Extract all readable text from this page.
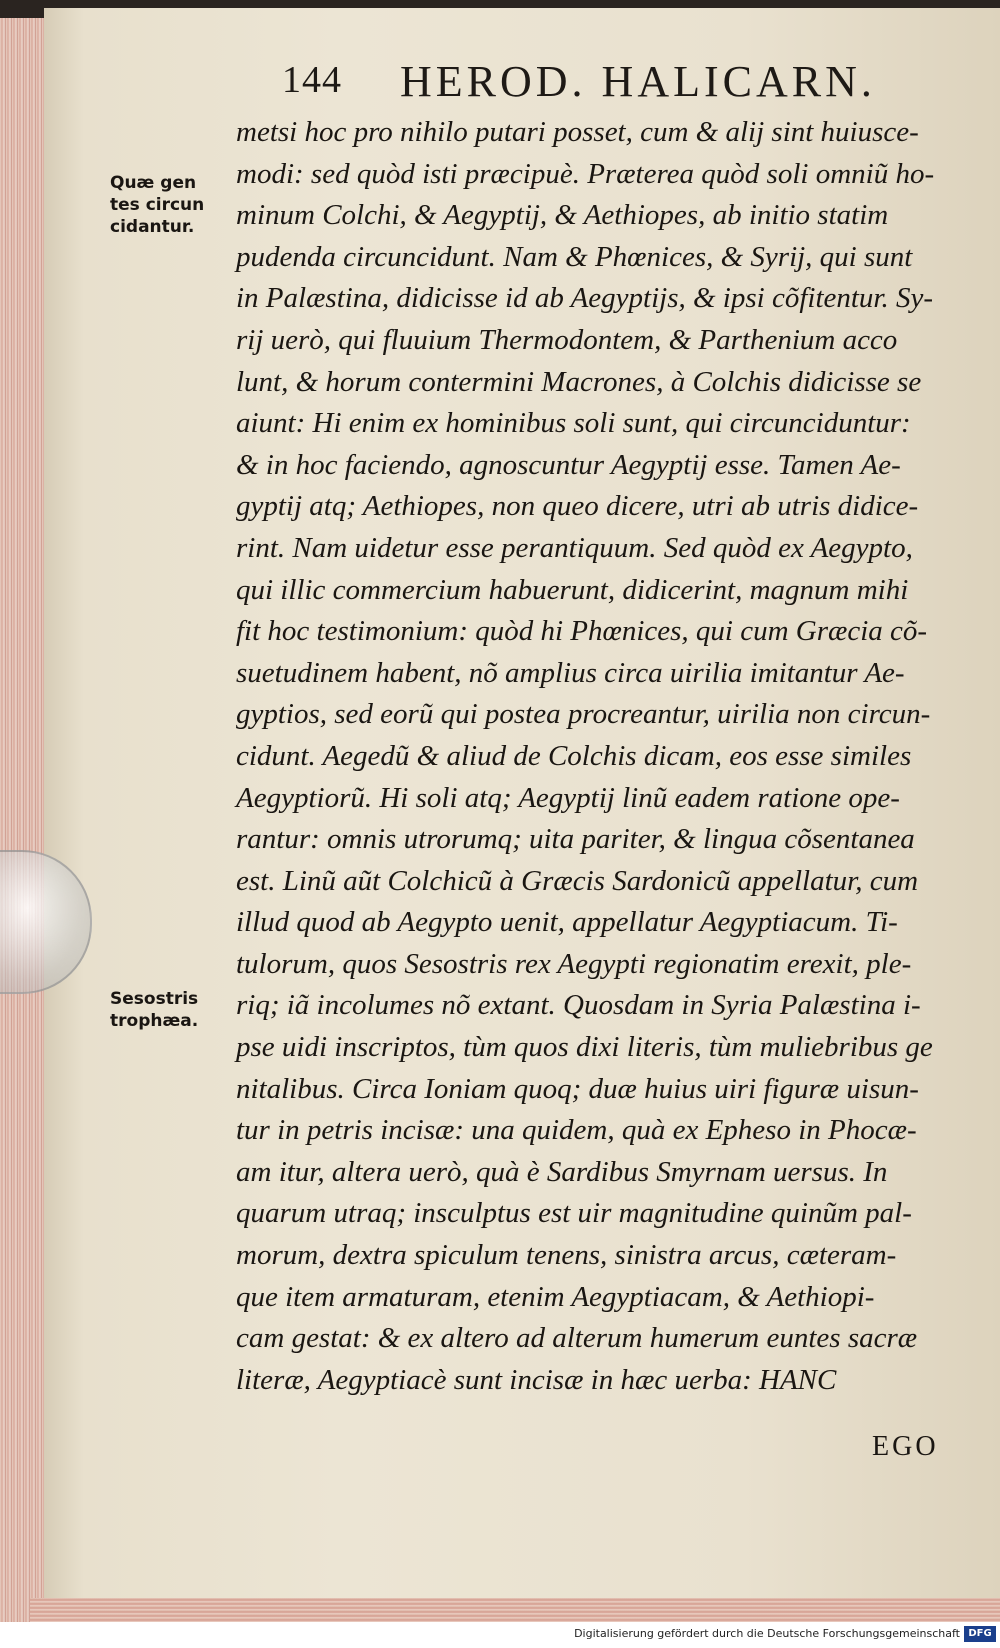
144 HEROD. HALICARN.
Quæ gen
tes circun
cidantur.
Sesostris
trophæa.
metsi hoc pro nihilo putari posset, cum & alij sint huiusce-
modi: sed quòd isti præcipuè. Præterea quòd soli omniũ ho-
minum Colchi, & Aegyptij, & Aethiopes, ab initio statim
pudenda circuncidunt. Nam & Phœnices, & Syrij, qui sunt
in Palæstina, didicisse id ab Aegyptijs, & ipsi cõfitentur. Sy-
rij uerò, qui fluuium Thermodontem, & Parthenium acco
lunt, & horum contermini Macrones, à Colchis didicisse se
aiunt: Hi enim ex hominibus soli sunt, qui circunciduntur:
& in hoc faciendo, agnoscuntur Aegyptij esse. Tamen Ae-
gyptij atq; Aethiopes, non queo dicere, utri ab utris didice-
rint. Nam uidetur esse perantiquum. Sed quòd ex Aegypto,
qui illic commercium habuerunt, didicerint, magnum mihi
fit hoc testimonium: quòd hi Phœnices, qui cum Græcia cõ-
suetudinem habent, nõ amplius circa uirilia imitantur Ae-
gyptios, sed eorũ qui postea procreantur, uirilia non circun-
cidunt. Aegedũ & aliud de Colchis dicam, eos esse similes
Aegyptiorũ. Hi soli atq; Aegyptij linũ eadem ratione ope-
rantur: omnis utrorumq; uita pariter, & lingua cõsentanea
est. Linũ aũt Colchicũ à Græcis Sardonicũ appellatur, cum
illud quod ab Aegypto uenit, appellatur Aegyptiacum. Ti-
tulorum, quos Sesostris rex Aegypti regionatim erexit, ple-
riq; iã incolumes nõ extant. Quosdam in Syria Palæstina i-
pse uidi inscriptos, tùm quos dixi literis, tùm muliebribus ge
nitalibus. Circa Ioniam quoq; duæ huius uiri figuræ uisun-
tur in petris incisæ: una quidem, quà ex Epheso in Phocæ-
am itur, altera uerò, quà è Sardibus Smyrnam uersus. In
quarum utraq; insculptus est uir magnitudine quinũm pal-
morum, dextra spiculum tenens, sinistra arcus, cæteram-
que item armaturam, etenim Aegyptiacam, & Aethiopi-
cam gestat: & ex altero ad alterum humerum euntes sacræ
literæ, Aegyptiacè sunt incisæ in hæc uerba: HANC
EGO
Digitalisierung gefördert durch die Deutsche Forschungsgemeinschaft DFG
